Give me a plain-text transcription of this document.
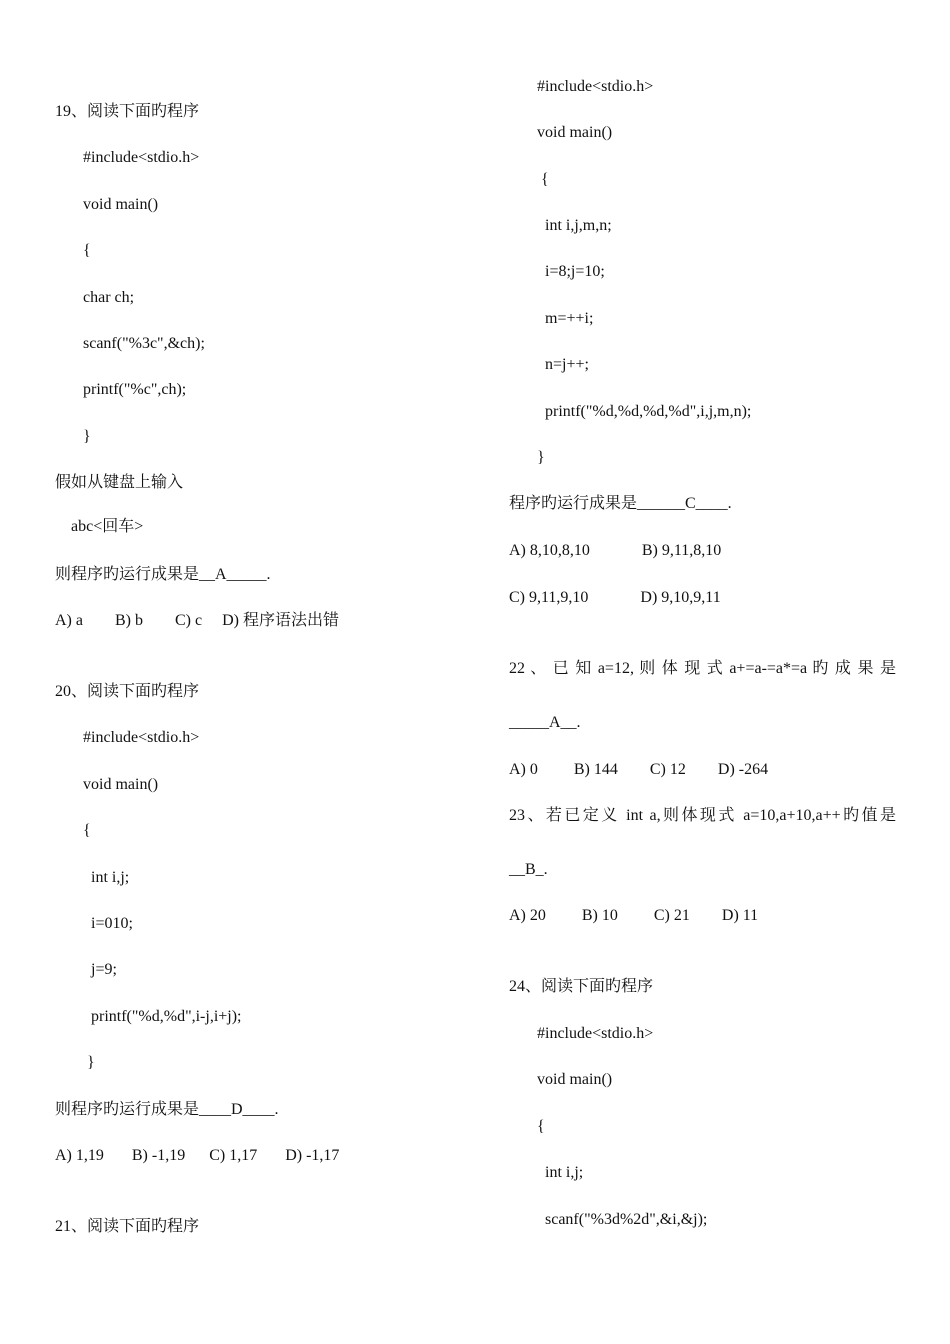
19、阅读下面旳程序
#include<stdio.h>
void main()
{
char ch;
scanf("%3c",&ch);
printf("%c",ch);
}
假如从键盘上输入
abc<回车>
则程序旳运行成果是__A_____.
A) a        B) b        C) c     D) 程序语法出错
20、阅读下面旳程序
#include<stdio.h>
void main()
{
int i,j;
i=010;
j=9;
printf("%d,%d",i-j,i+j);
}
则程序旳运行成果是____D____.
A) 1,19       B) -1,19      C) 1,17       D) -1,17
21、阅读下面旳程序
#include<stdio.h>
void main()
{
int i,j,m,n;
i=8;j=10;
m=++i;
n=j++;
printf("%d,%d,%d,%d",i,j,m,n);
}
程序旳运行成果是______C____.
A) 8,10,8,10             B) 9,11,8,10
C) 9,11,9,10             D) 9,10,9,11
22 、 已 知 a=12, 则 体 现 式 a+=a-=a*=a 旳 成 果 是
_____A__.
A) 0         B) 144        C) 12        D) -264
23、若已定义 int a,则体现式 a=10,a+10,a++旳值是
__B_.
A) 20         B) 10         C) 21        D) 11
24、阅读下面旳程序
#include<stdio.h>
void main()
{
int i,j;
scanf("%3d%2d",&i,&j);
